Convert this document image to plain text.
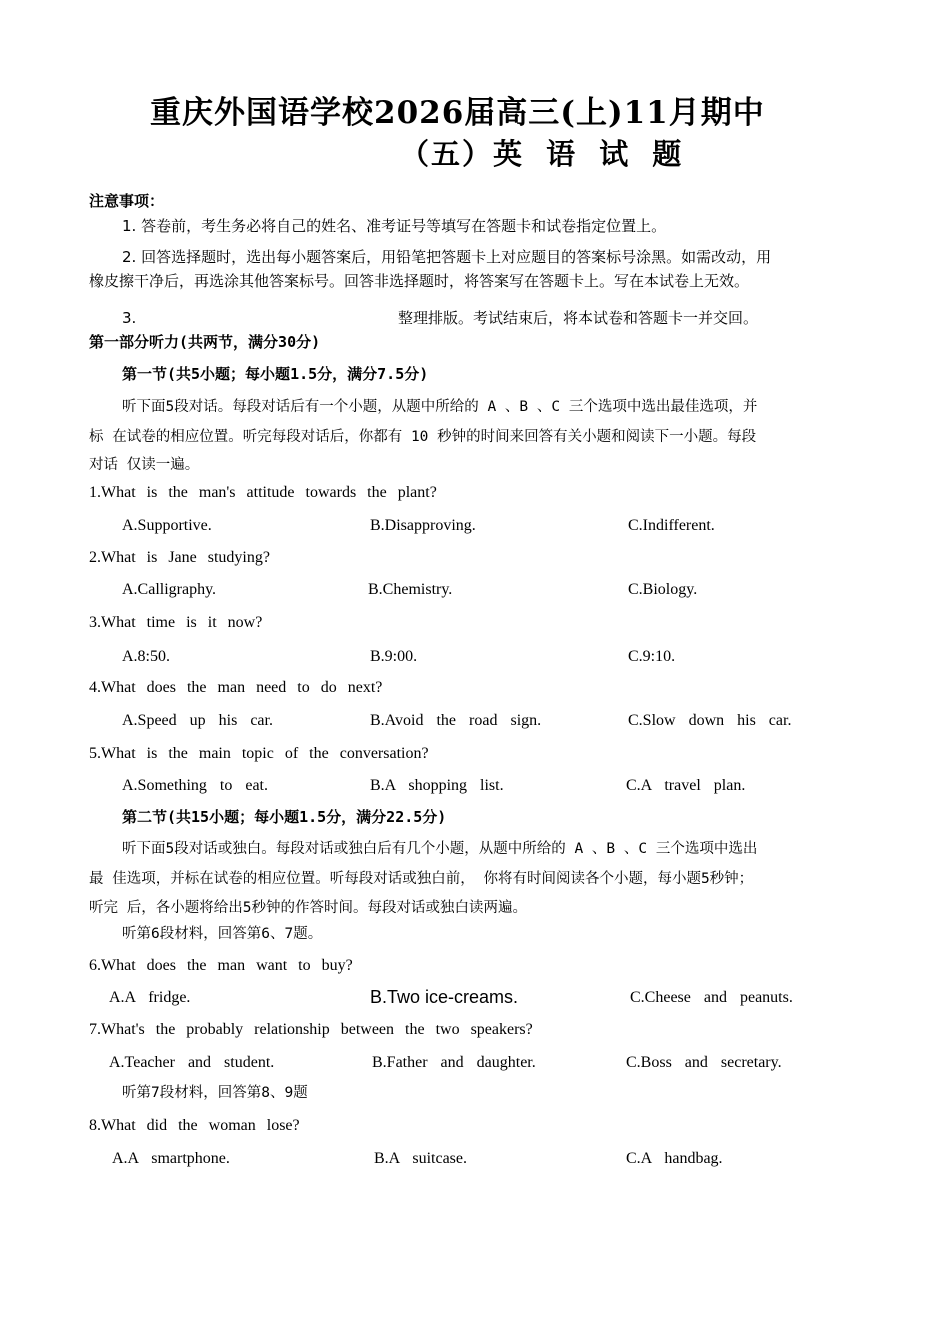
重庆外国语学校2026届高三(上)11月期中
（五）英 语 试 题
注意事项：
1. 答卷前，考生务必将自己的姓名、准考证号等填写在答题卡和试卷指定位置上。
2. 回答选择题时，选出每小题答案后，用铅笔把答题卡上对应题目的答案标号涂黑。如需改动，用
橡皮擦干净后，再选涂其他答案标号。回答非选择题时，将答案写在答题卡上。写在本试卷上无效。
3.	整理排版。考试结束后，将本试卷和答题卡一并交回。
第一部分听力(共两节，满分30分)
第一节(共5小题；每小题1.5分，满分7.5分)
听下面5段对话。每段对话后有一个小题，从题中所给的 A 、B 、C 三个选项中选出最佳选项，并
标 在试卷的相应位置。听完每段对话后，你都有 10 秒钟的时间来回答有关小题和阅读下一小题。每段
对话 仅读一遍。
1.What is the man's attitude towards the plant?
A.Supportive.	B.Disapproving.	C.Indifferent.
2.What is Jane studying?
A.Calligraphy.	B.Chemistry.	C.Biology.
3.What time is it now?
A.8:50.	B.9:00.	C.9:10.
4.What does the man need to do next?
A.Speed up his car.	B.Avoid the road sign.	C.Slow down his car.
5.What is the main topic of the conversation?
A.Something to eat.	B.A shopping list.	C.A travel plan.
第二节(共15小题；每小题1.5分，满分22.5分)
听下面5段对话或独白。每段对话或独白后有几个小题，从题中所给的 A 、B 、C 三个选项中选出
最 佳选项，并标在试卷的相应位置。听每段对话或独白前， 你将有时间阅读各个小题，每小题5秒钟；
听完 后，各小题将给出5秒钟的作答时间。每段对话或独白读两遍。
听第6段材料，回答第6、7题。
6.What does the man want to buy?
A.A fridge.	B.Two ice-creams.	C.Cheese and peanuts.
7.What's the probably relationship between the two speakers?
A.Teacher and student.	B.Father and daughter.	C.Boss and secretary.
听第7段材料，回答第8、9题
8.What did the woman lose?
A.A smartphone.	B.A suitcase.	C.A handbag.
